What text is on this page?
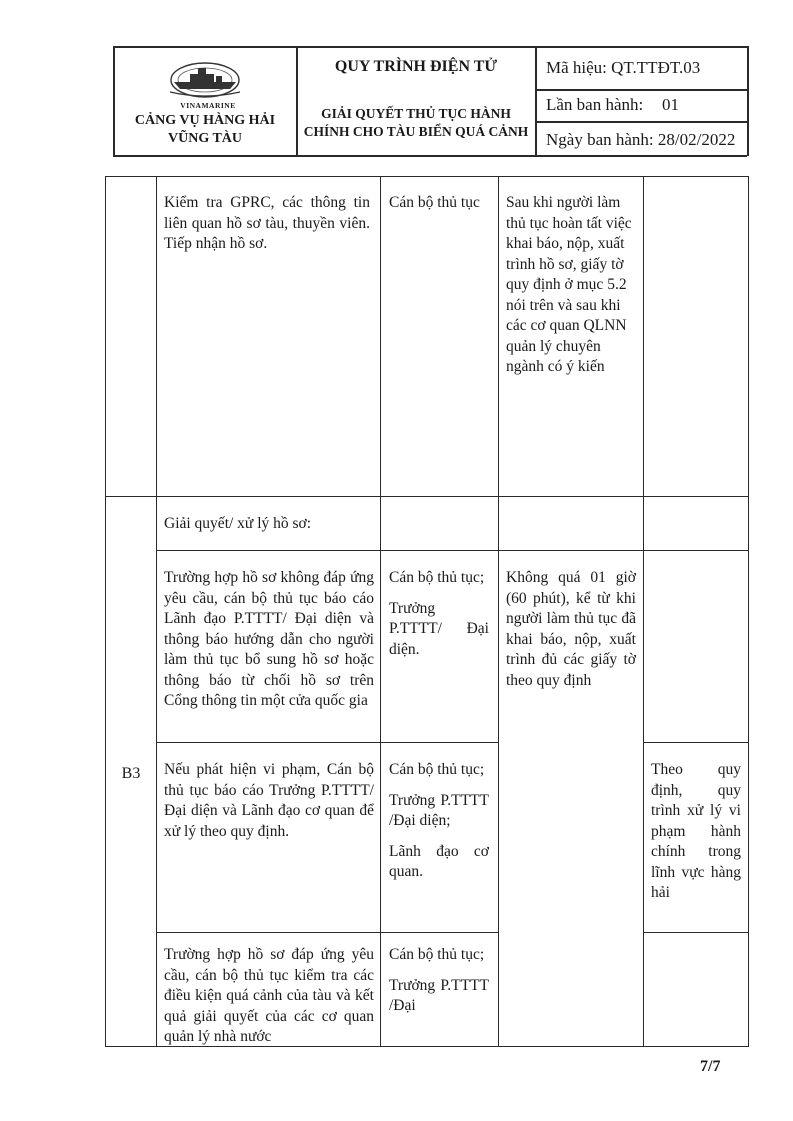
VINAMARINE
CẢNG VỤ HÀNG HẢI
VŨNG TÀU
QUY TRÌNH ĐIỆN TỬ
GIẢI QUYẾT THỦ TỤC HÀNH
CHÍNH CHO TÀU BIỂN QUÁ CẢNH
Mã hiệu: QT.TTĐT.03
Lần ban hành: 01
Ngày ban hành: 28/02/2022
Kiểm tra GPRC, các thông tin liên quan hồ sơ tàu, thuyền viên. Tiếp nhận hồ sơ.
Cán bộ thủ tục	Sau khi người làm thủ tục hoàn tất việc khai báo, nộp, xuất trình hồ sơ, giấy tờ quy định ở mục 5.2 nói trên và sau khi các cơ quan QLNN quản lý chuyên ngành có ý kiến
B3
Giải quyết/ xử lý hồ sơ:
Trường hợp hồ sơ không đáp ứng yêu cầu, cán bộ thủ tục báo cáo Lãnh đạo P.TTTT/ Đại diện và thông báo hướng dẫn cho người làm thủ tục bổ sung hồ sơ hoặc thông báo từ chối hồ sơ trên Cổng thông tin một cửa quốc gia

Cán bộ thủ tục;

Trưởng P.TTTT/ Đại diện.

Không quá 01 giờ (60 phút), kể từ khi người làm thủ tục đã khai báo, nộp, xuất trình đủ các giấy tờ theo quy định
Nếu phát hiện vi phạm, Cán bộ thủ tục báo cáo Trưởng P.TTTT/ Đại diện và Lãnh đạo cơ quan để xử lý theo quy định.

Cán bộ thủ tục;

Trưởng P.TTTT /Đại diện;

Lãnh đạo cơ quan.

Theo quy định, quy trình xử lý vi phạm hành chính trong lĩnh vực hàng hải
Trường hợp hồ sơ đáp ứng yêu cầu, cán bộ thủ tục kiểm tra các điều kiện quá cảnh của tàu và kết quả giải quyết của các cơ quan quản lý nhà nước

Cán bộ thủ tục;

Trưởng P.TTTT /Đại

7/7
